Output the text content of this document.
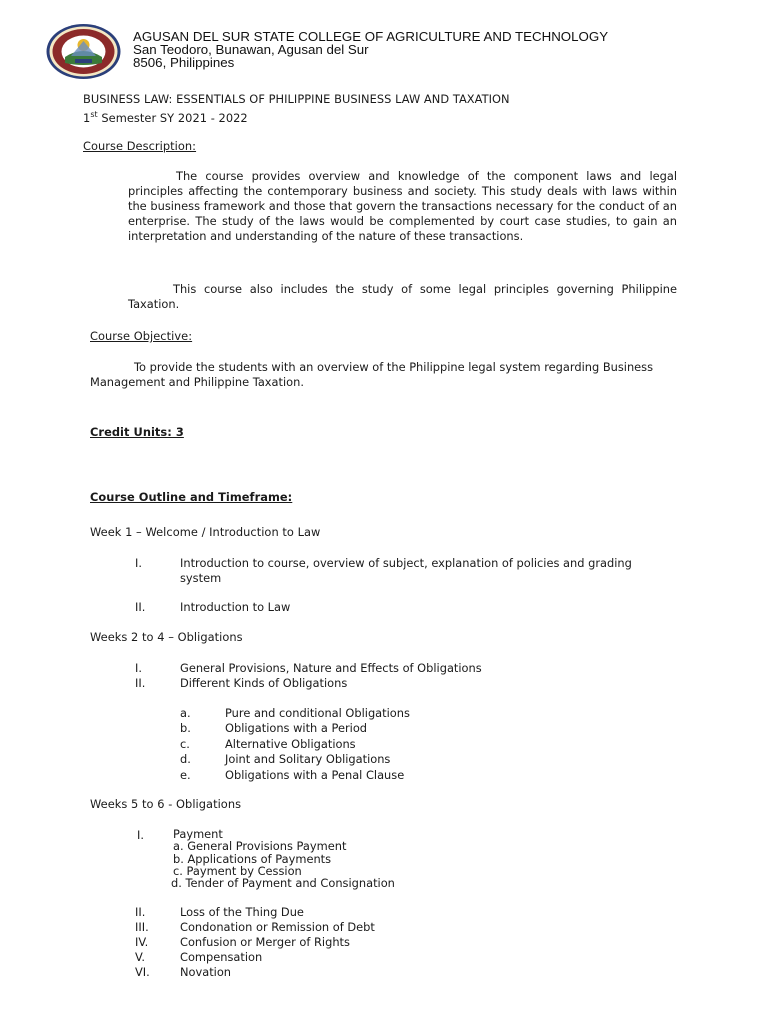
AGUSAN DEL SUR STATE COLLEGE OF AGRICULTURE AND TECHNOLOGY
San Teodoro, Bunawan, Agusan del Sur
8506, Philippines
BUSINESS LAW: ESSENTIALS OF PHILIPPINE BUSINESS LAW AND TAXATION
1st Semester SY 2021 - 2022
Course Description:
The course provides overview and knowledge of the component laws and legal principles affecting the contemporary business and society. This study deals with laws within the business framework and those that govern the transactions necessary for the conduct of an enterprise. The study of the laws would be complemented by court case studies, to gain an interpretation and understanding of the nature of these transactions.
This course also includes the study of some legal principles governing Philippine Taxation.
Course Objective:
To provide the students with an overview of the Philippine legal system regarding Business Management and Philippine Taxation.
Credit Units: 3
Course Outline and Timeframe:
Week 1 – Welcome / Introduction to Law
I.	Introduction to course, overview of subject, explanation of policies and grading system
II.	Introduction to Law
Weeks 2 to 4 – Obligations
I.	General Provisions, Nature and Effects of Obligations
II.	Different Kinds of Obligations
a.	Pure and conditional Obligations
b.	Obligations with a Period
c.	Alternative Obligations
d.	Joint and Solitary Obligations
e.	Obligations with a Penal Clause
Weeks 5 to 6 - Obligations
I.	Payment
a. General Provisions Payment
b. Applications of Payments
c. Payment by Cession
d. Tender of Payment and Consignation
II.	Loss of the Thing Due
III.	Condonation or Remission of Debt
IV.	Confusion or Merger of Rights
V.	Compensation
VI.	Novation
